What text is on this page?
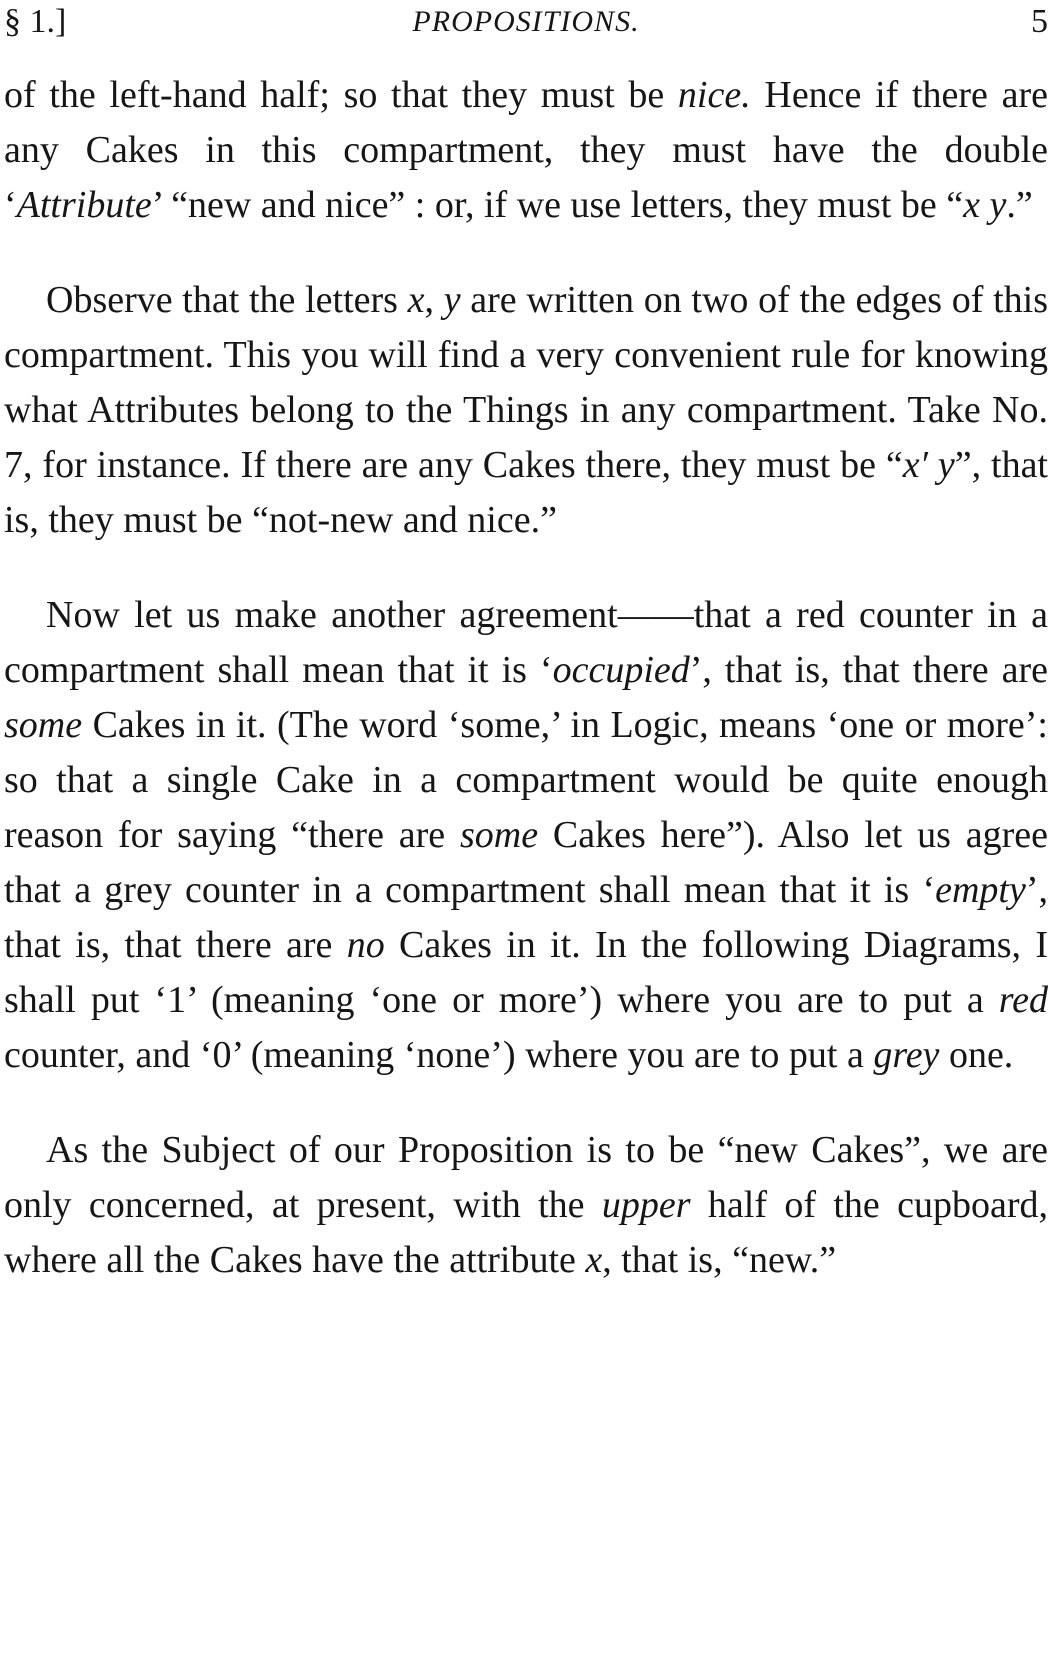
§ 1.]	PROPOSITIONS.	5

of the left-hand half; so that they must be nice. Hence if there are any Cakes in this compartment, they must have the double ‘Attribute’ “new and nice” : or, if we use letters, they must be “x y.”

Observe that the letters x, y are written on two of the edges of this compartment. This you will find a very convenient rule for knowing what Attributes belong to the Things in any compartment. Take No. 7, for instance. If there are any Cakes there, they must be “x′ y”, that is, they must be “not-new and nice.”

Now let us make another agreement——that a red counter in a compartment shall mean that it is ‘occupied’, that is, that there are some Cakes in it. (The word ‘some,’ in Logic, means ‘one or more’: so that a single Cake in a compartment would be quite enough reason for saying “there are some Cakes here”). Also let us agree that a grey counter in a compartment shall mean that it is ‘empty’, that is, that there are no Cakes in it. In the following Diagrams, I shall put ‘1’ (meaning ‘one or more’) where you are to put a red counter, and ‘0’ (meaning ‘none’) where you are to put a grey one.

As the Subject of our Proposition is to be “new Cakes”, we are only concerned, at present, with the upper half of the cupboard, where all the Cakes have the attribute x, that is, “new.”
